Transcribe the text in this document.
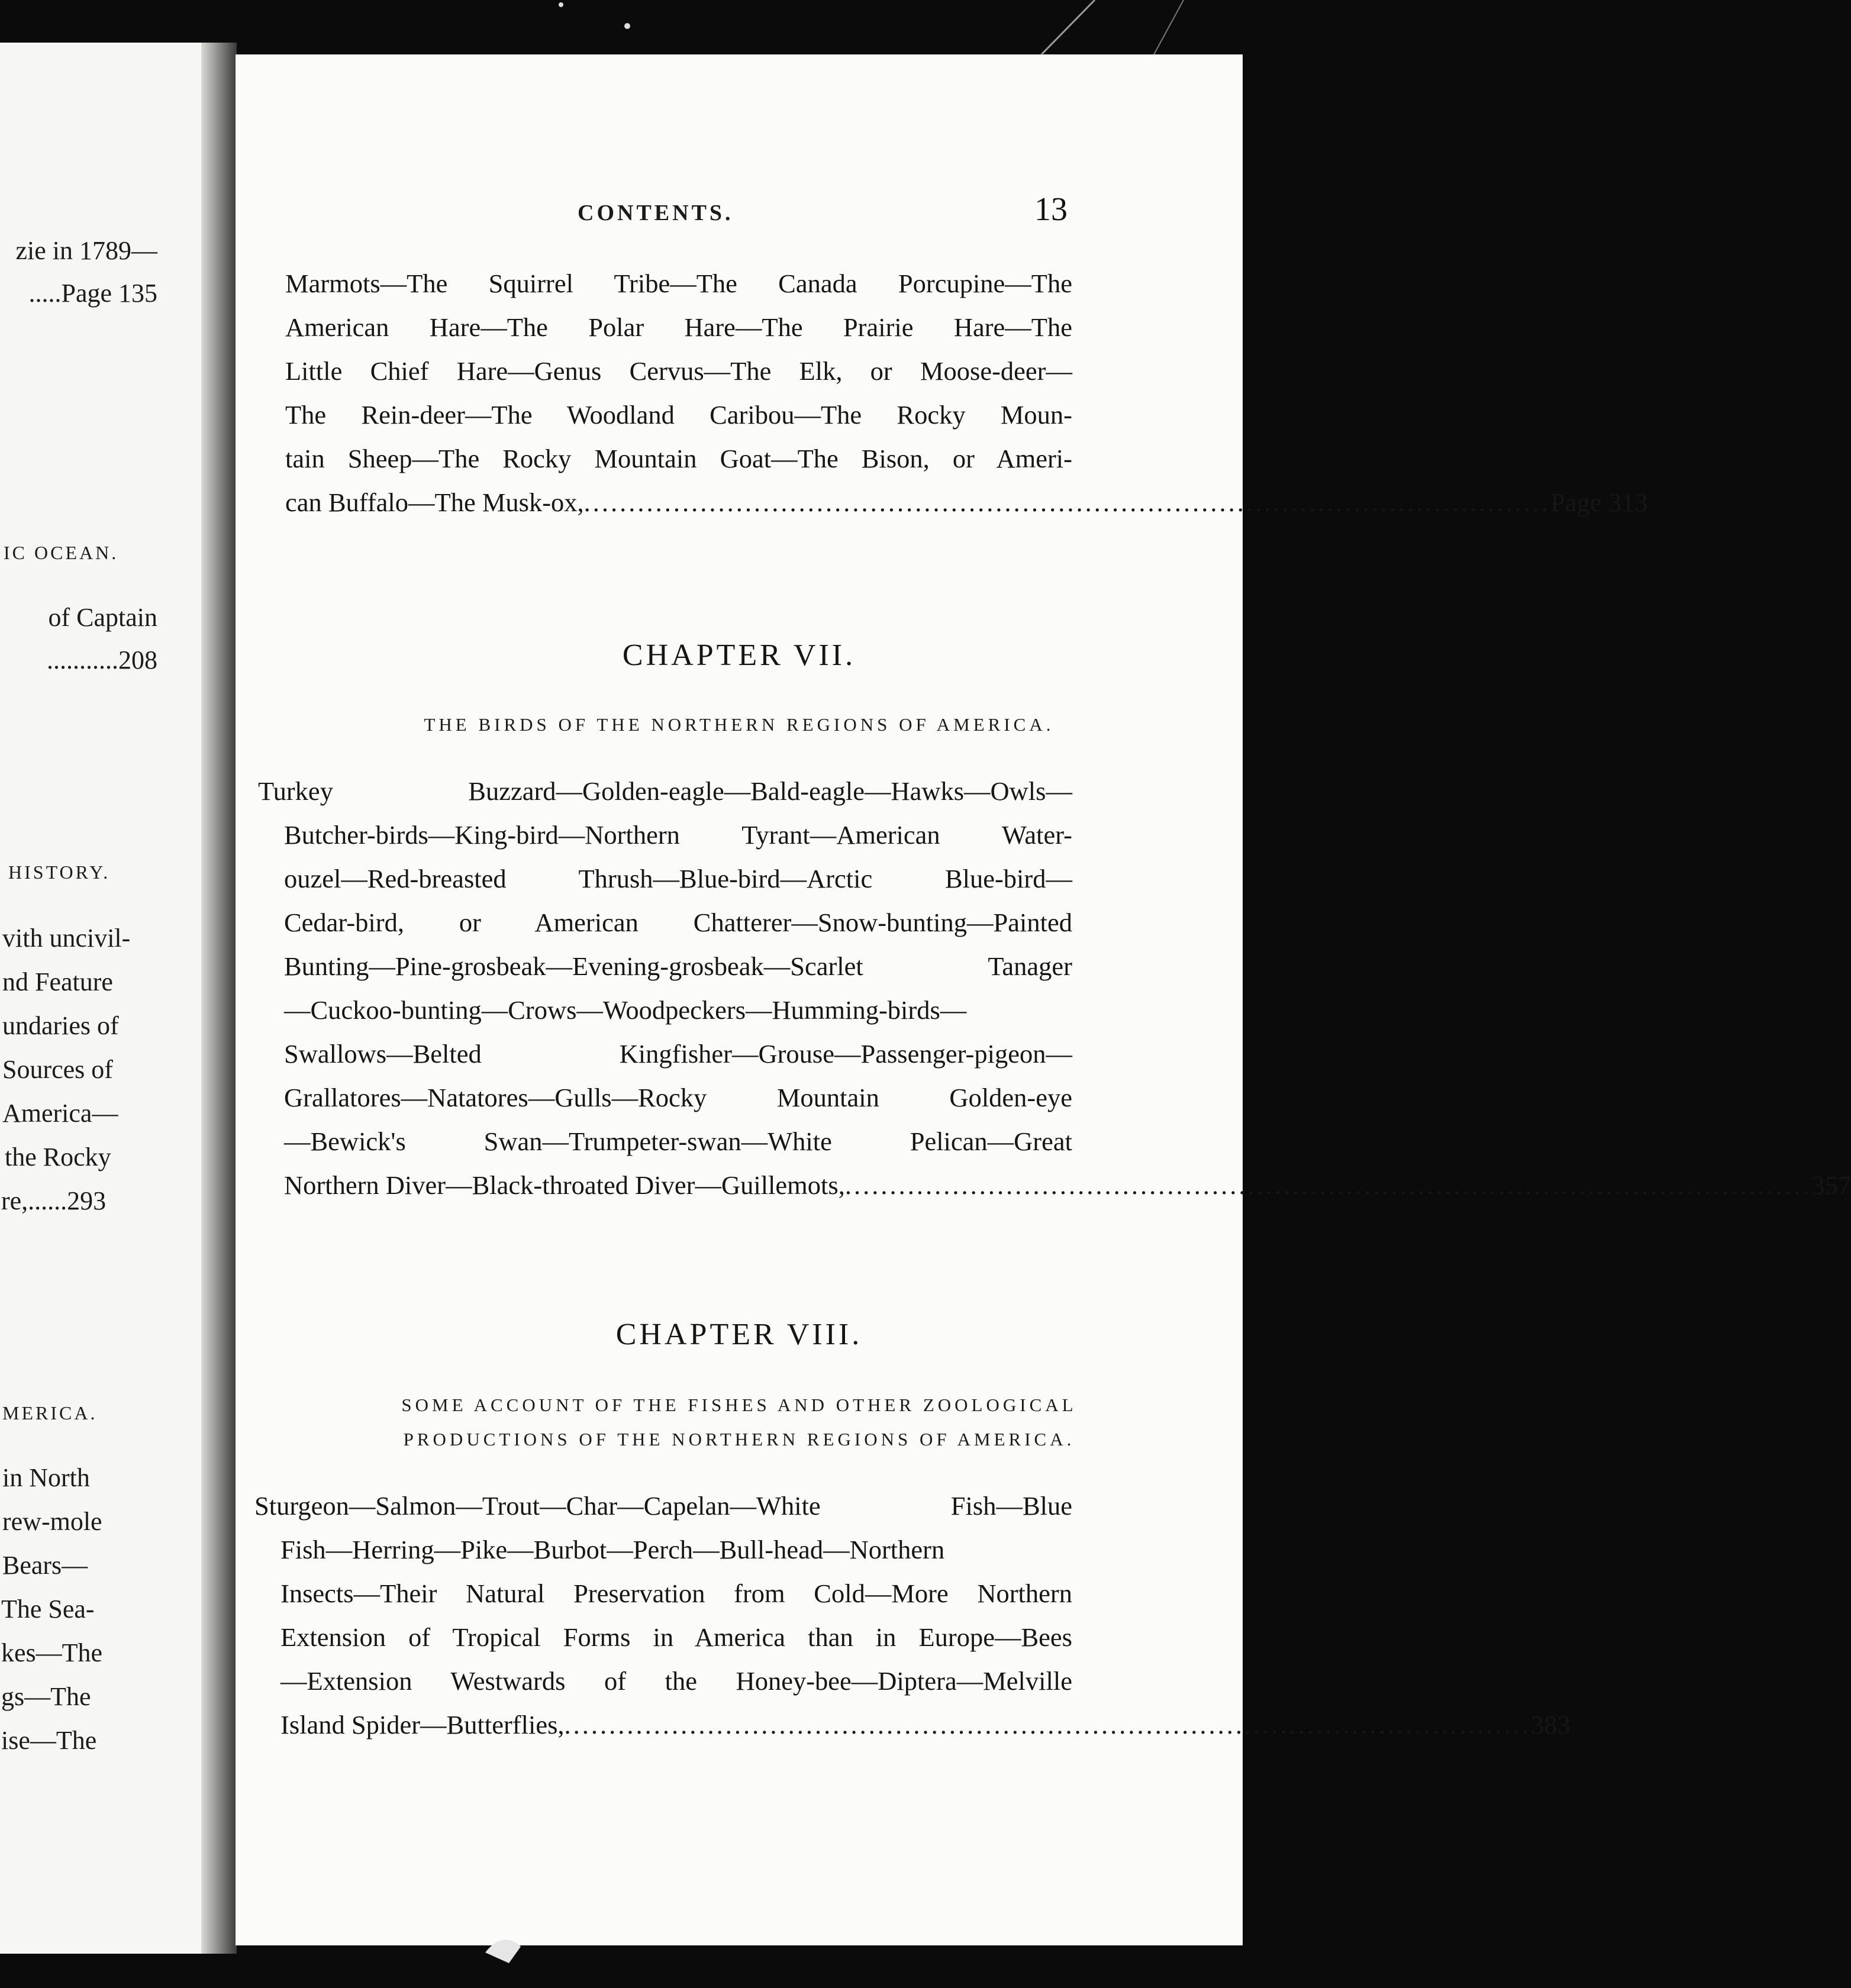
zie in 1789—
.....Page 135
IC OCEAN.
of Captain
...........208
HISTORY.
vith uncivil-
nd Feature
undaries of
Sources of
America—
the Rocky
re,......293
MERICA.
in North
rew-mole
Bears—
The Sea-
kes—The
gs—The
ise—The
CONTENTS.	13
Marmots—The Squirrel Tribe—The Canada Porcupine—The
American Hare—The Polar Hare—The Prairie Hare—The
Little Chief Hare—Genus Cervus—The Elk, or Moose-deer—
The Rein-deer—The Woodland Caribou—The Rocky Moun-
tain Sheep—The Rocky Mountain Goat—The Bison, or Ameri-
can Buffalo—The Musk-ox, ............................................................................................................ Page 313
CHAPTER VII.
THE BIRDS OF THE NORTHERN REGIONS OF AMERICA.
Turkey Buzzard—Golden-eagle—Bald-eagle—Hawks—Owls—
Butcher-birds—King-bird—Northern Tyrant—American Water-
ouzel—Red-breasted Thrush—Blue-bird—Arctic Blue-bird—
Cedar-bird, or American Chatterer—Snow-bunting—Painted
Bunting—Pine-grosbeak—Evening-grosbeak—Scarlet Tanager
—Cuckoo-bunting—Crows—Woodpeckers—Humming-birds—
Swallows—Belted Kingfisher—Grouse—Passenger-pigeon—
Grallatores—Natatores—Gulls—Rocky Mountain Golden-eye
—Bewick's Swan—Trumpeter-swan—White Pelican—Great
Northern Diver—Black-throated Diver—Guillemots, ............................................................................................................ 357
CHAPTER VIII.
SOME ACCOUNT OF THE FISHES AND OTHER ZOOLOGICAL
PRODUCTIONS OF THE NORTHERN REGIONS OF AMERICA.
Sturgeon—Salmon—Trout—Char—Capelan—White Fish—Blue
Fish—Herring—Pike—Burbot—Perch—Bull-head—Northern
Insects—Their Natural Preservation from Cold—More Northern
Extension of Tropical Forms in America than in Europe—Bees
—Extension Westwards of the Honey-bee—Diptera—Melville
Island Spider—Butterflies, ............................................................................................................ 383
